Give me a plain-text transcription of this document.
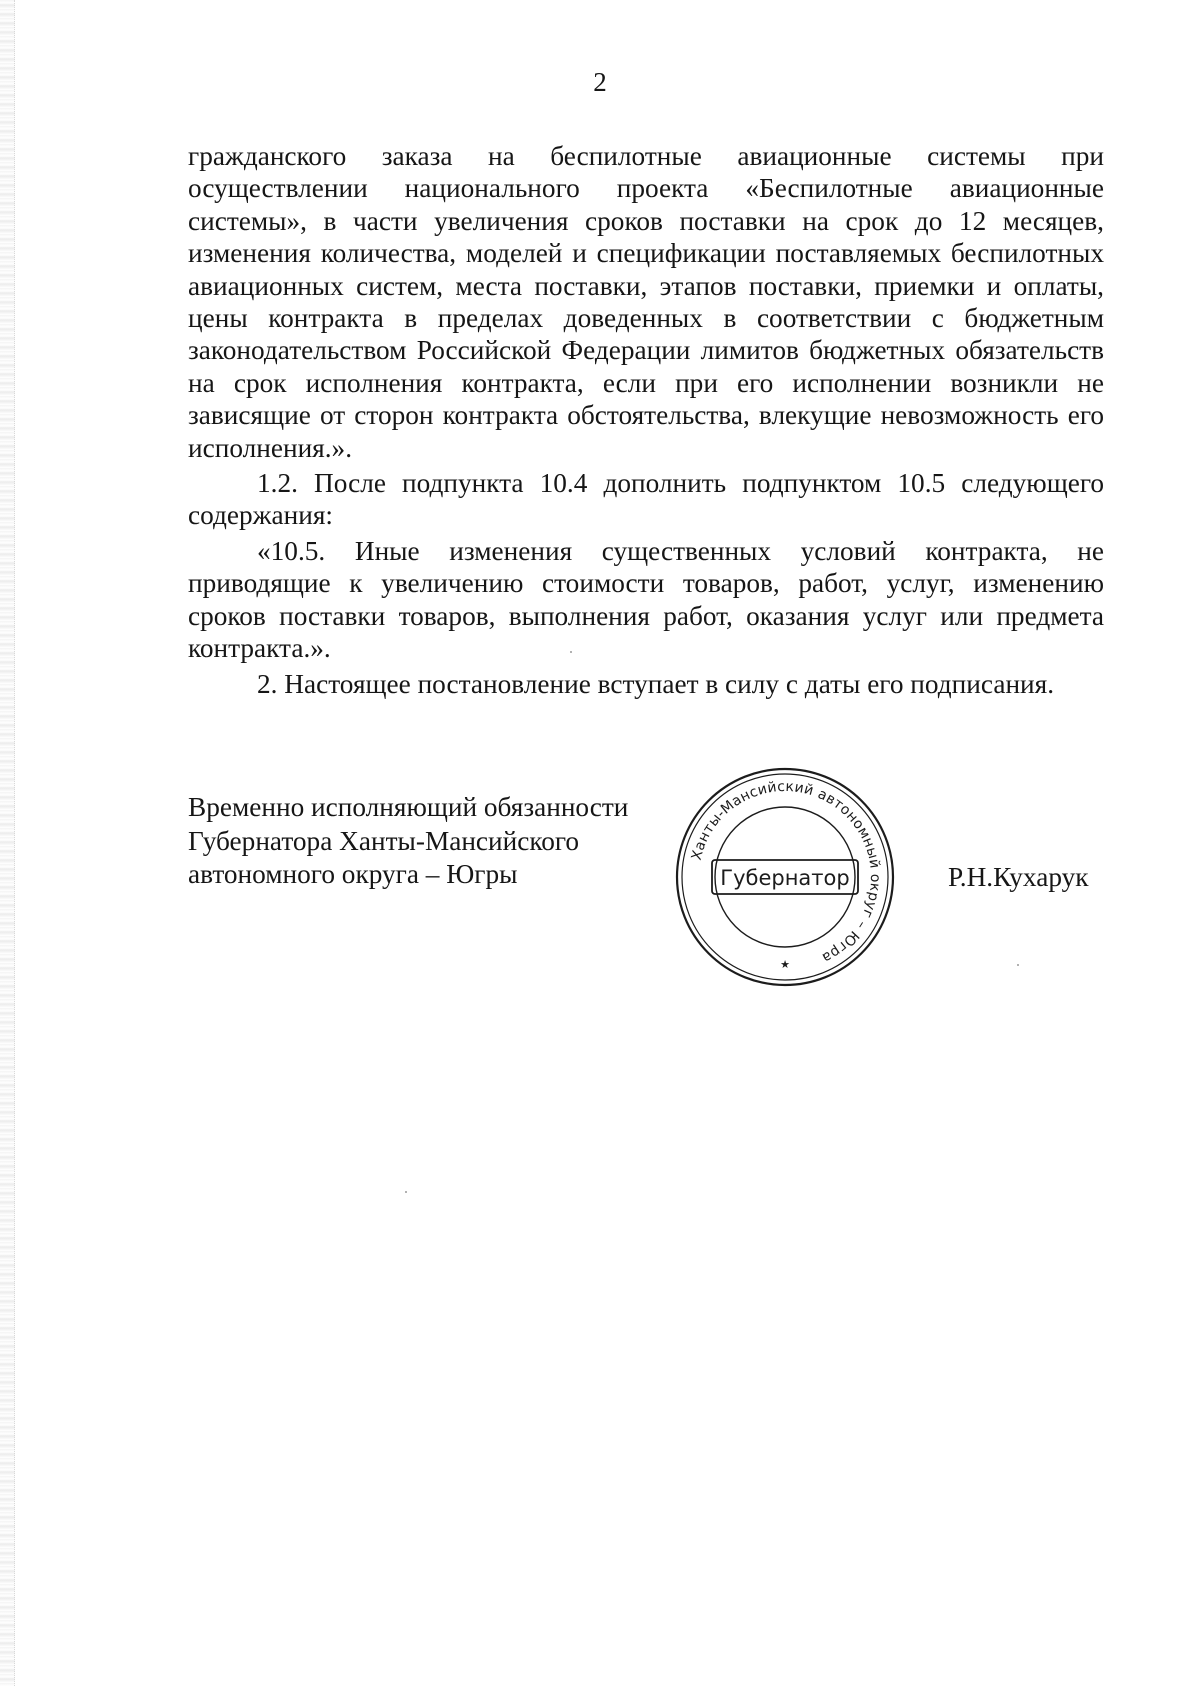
2

гражданского заказа на беспилотные авиационные системы при осуществлении национального проекта «Беспилотные авиационные системы», в части увеличения сроков поставки на срок до 12 месяцев, изменения количества, моделей и спецификации поставляемых беспилотных авиационных систем, места поставки, этапов поставки, приемки и оплаты, цены контракта в пределах доведенных в соответствии с бюджетным законодательством Российской Федерации лимитов бюджетных обязательств на срок исполнения контракта, если при его исполнении возникли не зависящие от сторон контракта обстоятельства, влекущие невозможность его исполнения.».

1.2. После подпункта 10.4 дополнить подпунктом 10.5 следующего содержания:

«10.5. Иные изменения существенных условий контракта, не приводящие к увеличению стоимости товаров, работ, услуг, изменению сроков поставки товаров, выполнения работ, оказания услуг или предмета контракта.».

2. Настоящее постановление вступает в силу с даты его подписания.

Временно исполняющий обязанности
Губернатора Ханты-Мансийского
автономного округа – Югры	Губернатор
Ханты-Мансийский автономный округ – Югра
★
Р.Н.Кухарук
